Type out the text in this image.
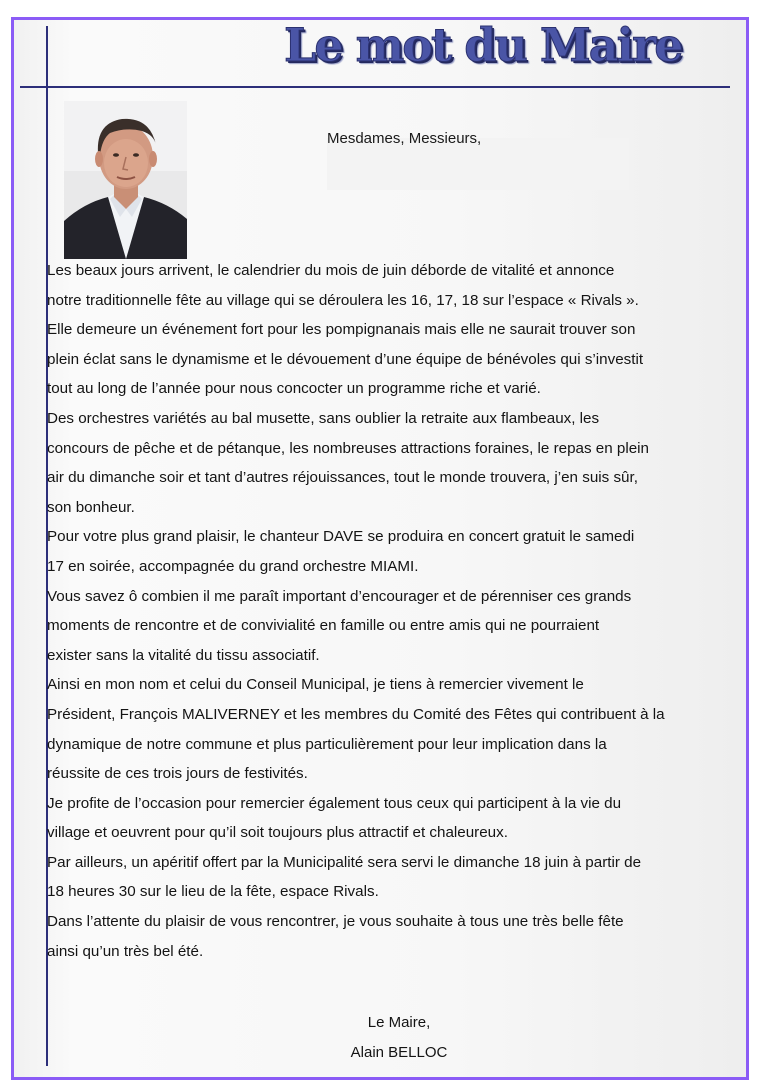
Le mot du Maire
Mesdames, Messieurs,

Les beaux jours arrivent, le calendrier du mois de juin déborde de vitalité et annonce

notre traditionnelle fête au village qui se déroulera les 16, 17, 18 sur l’espace « Rivals ».

Elle demeure un événement fort pour les pompignanais mais elle ne saurait trouver son

plein éclat sans le dynamisme et le dévouement d’une équipe de bénévoles qui s’investit

tout au long de l’année pour nous concocter un programme riche et varié.

Des orchestres variétés au bal musette, sans oublier la retraite aux flambeaux, les

concours de pêche et de pétanque, les nombreuses attractions foraines, le repas en plein

air du dimanche soir et tant d’autres réjouissances, tout le monde trouvera, j’en suis sûr,

son bonheur.

Pour votre plus grand plaisir, le chanteur DAVE se produira en concert gratuit le samedi

17 en soirée, accompagnée du grand orchestre MIAMI.

Vous savez ô combien il me paraît important d’encourager et de pérenniser ces grands

moments de rencontre et de convivialité en famille ou entre amis qui ne pourraient

exister sans la vitalité du tissu associatif.

Ainsi en mon nom et celui du Conseil Municipal, je tiens à remercier vivement le

Président, François MALIVERNEY et les membres du Comité des Fêtes qui contribuent à la

dynamique de notre commune et plus particulièrement pour leur implication dans la

réussite de ces trois jours de festivités.

Je profite de l’occasion pour remercier également tous ceux qui participent à la vie du

village et oeuvrent pour qu’il soit toujours plus attractif et chaleureux.

Par ailleurs, un apéritif offert par la Municipalité sera servi le dimanche 18 juin à partir de

18 heures 30 sur le lieu de la fête, espace Rivals.

Dans l’attente du plaisir de vous rencontrer, je vous souhaite à tous une très belle fête

ainsi qu’un très bel été.

Le Maire,
Alain BELLOC
